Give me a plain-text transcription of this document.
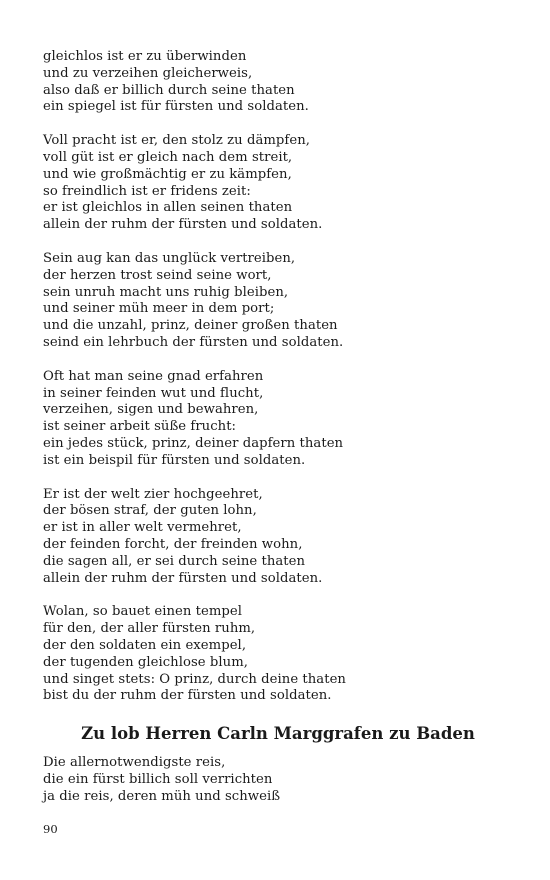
gleichlos ist er zu überwinden
und zu verzeihen gleicherweis,
also daß er billich durch seine thaten
ein spiegel ist für fürsten und soldaten.
Voll pracht ist er, den stolz zu dämpfen,
voll güt ist er gleich nach dem streit,
und wie großmächtig er zu kämpfen,
so freindlich ist er fridens zeit:
er ist gleichlos in allen seinen thaten
allein der ruhm der fürsten und soldaten.
Sein aug kan das unglück vertreiben,
der herzen trost seind seine wort,
sein unruh macht uns ruhig bleiben,
und seiner müh meer in dem port;
und die unzahl, prinz, deiner großen thaten
seind ein lehrbuch der fürsten und soldaten.
Oft hat man seine gnad erfahren
in seiner feinden wut und flucht,
verzeihen, sigen und bewahren,
ist seiner arbeit süße frucht:
ein jedes stück, prinz, deiner dapfern thaten
ist ein beispil für fürsten und soldaten.
Er ist der welt zier hochgeehret,
der bösen straf, der guten lohn,
er ist in aller welt vermehret,
der feinden forcht, der freinden wohn,
die sagen all, er sei durch seine thaten
allein der ruhm der fürsten und soldaten.
Wolan, so bauet einen tempel
für den, der aller fürsten ruhm,
der den soldaten ein exempel,
der tugenden gleichlose blum,
und singet stets: O prinz, durch deine thaten
bist du der ruhm der fürsten und soldaten.
Zu lob Herren Carln Marggrafen zu Baden
Die allernotwendigste reis,
die ein fürst billich soll verrichten
ja die reis, deren müh und schweiß
90
